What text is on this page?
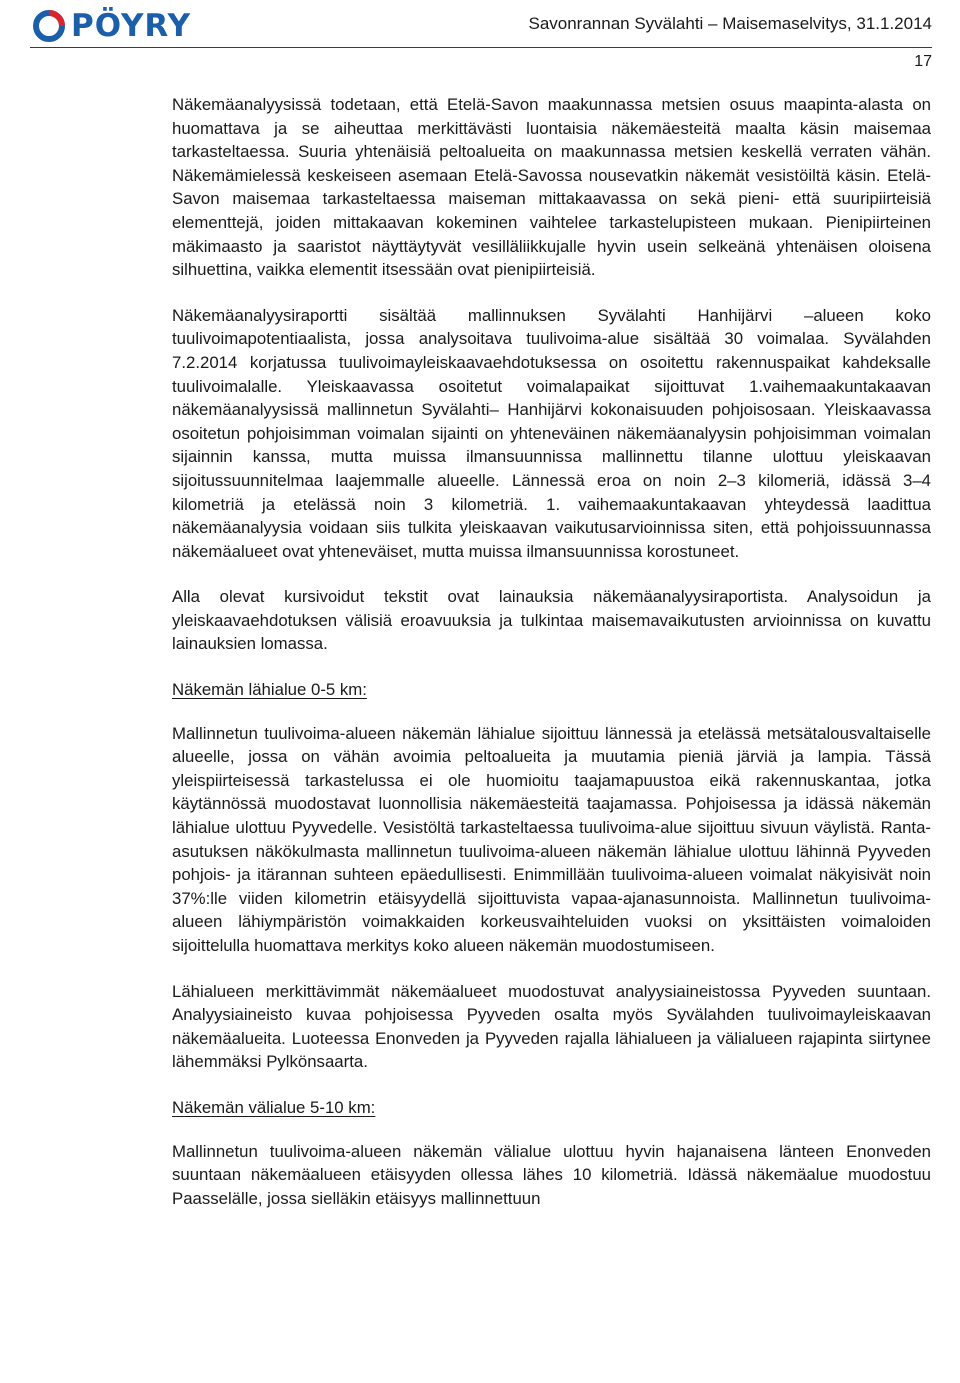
PÖYRY	Savonrannan Syvälahti – Maisemaselvitys, 31.1.2014
17

Näkemäanalyysissä todetaan, että Etelä-Savon maakunnassa metsien osuus maapinta-alasta on huomattava ja se aiheuttaa merkittävästi luontaisia näkemäesteitä maalta käsin maisemaa tarkasteltaessa. Suuria yhtenäisiä peltoalueita on maakunnassa metsien keskellä verraten vähän. Näkemämielessä keskeiseen asemaan Etelä-Savossa nousevatkin näkemät vesistöiltä käsin. Etelä-Savon maisemaa tarkasteltaessa maiseman mittakaavassa on sekä pieni- että suuripiirteisiä elementtejä, joiden mittakaavan kokeminen vaihtelee tarkastelupisteen mukaan. Pienipiirteinen mäkimaasto ja saaristot näyttäytyvät vesilläliikkujalle hyvin usein selkeänä yhtenäisen oloisena silhuettina, vaikka elementit itsessään ovat pienipiirteisiä.

Näkemäanalyysiraportti sisältää mallinnuksen Syvälahti Hanhijärvi –alueen koko tuulivoimapotentiaalista, jossa analysoitava tuulivoima-alue sisältää 30 voimalaa. Syvälahden 7.2.2014 korjatussa tuulivoimayleiskaavaehdotuksessa on osoitettu rakennuspaikat kahdeksalle tuulivoimalalle. Yleiskaavassa osoitetut voimalapaikat sijoittuvat 1.vaihemaakuntakaavan näkemäanalyysissä mallinnetun Syvälahti– Hanhijärvi kokonaisuuden pohjoisosaan. Yleiskaavassa osoitetun pohjoisimman voimalan sijainti on yhteneväinen näkemäanalyysin pohjoisimman voimalan sijainnin kanssa, mutta muissa ilmansuunnissa mallinnettu tilanne ulottuu yleiskaavan sijoitussuunnitelmaa laajemmalle alueelle. Lännessä eroa on noin 2–3 kilomeriä, idässä 3–4 kilometriä ja etelässä noin 3 kilometriä. 1. vaihemaakuntakaavan yhteydessä laadittua näkemäanalyysia voidaan siis tulkita yleiskaavan vaikutusarvioinnissa siten, että pohjoissuunnassa näkemäalueet ovat yhteneväiset, mutta muissa ilmansuunnissa korostuneet.

Alla olevat kursivoidut tekstit ovat lainauksia näkemäanalyysiraportista. Analysoidun ja yleiskaavaehdotuksen välisiä eroavuuksia ja tulkintaa maisemavaikutusten arvioinnissa on kuvattu lainauksien lomassa.

Näkemän lähialue 0-5 km:

Mallinnetun tuulivoima-alueen näkemän lähialue sijoittuu lännessä ja etelässä metsätalousvaltaiselle alueelle, jossa on vähän avoimia peltoalueita ja muutamia pieniä järviä ja lampia. Tässä yleispiirteisessä tarkastelussa ei ole huomioitu taajamapuustoa eikä rakennuskantaa, jotka käytännössä muodostavat luonnollisia näkemäesteitä taajamassa. Pohjoisessa ja idässä näkemän lähialue ulottuu Pyyvedelle. Vesistöltä tarkasteltaessa tuulivoima-alue sijoittuu sivuun väylistä. Ranta-asutuksen näkökulmasta mallinnetun tuulivoima-alueen näkemän lähialue ulottuu lähinnä Pyyveden pohjois- ja itärannan suhteen epäedullisesti. Enimmillään tuulivoima-alueen voimalat näkyisivät noin 37%:lle viiden kilometrin etäisyydellä sijoittuvista vapaa-ajanasunnoista. Mallinnetun tuulivoima-alueen lähiympäristön voimakkaiden korkeusvaihteluiden vuoksi on yksittäisten voimaloiden sijoittelulla huomattava merkitys koko alueen näkemän muodostumiseen.

Lähialueen merkittävimmät näkemäalueet muodostuvat analyysiaineistossa Pyyveden suuntaan. Analyysiaineisto kuvaa pohjoisessa Pyyveden osalta myös Syvälahden tuulivoimayleiskaavan näkemäalueita. Luoteessa Enonveden ja Pyyveden rajalla lähialueen ja välialueen rajapinta siirtynee lähemmäksi Pylkönsaarta.

Näkemän välialue 5-10 km:

Mallinnetun tuulivoima-alueen näkemän välialue ulottuu hyvin hajanaisena länteen Enonveden suuntaan näkemäalueen etäisyyden ollessa lähes 10 kilometriä. Idässä näkemäalue muodostuu Paasselälle, jossa sielläkin etäisyys mallinnettuun
